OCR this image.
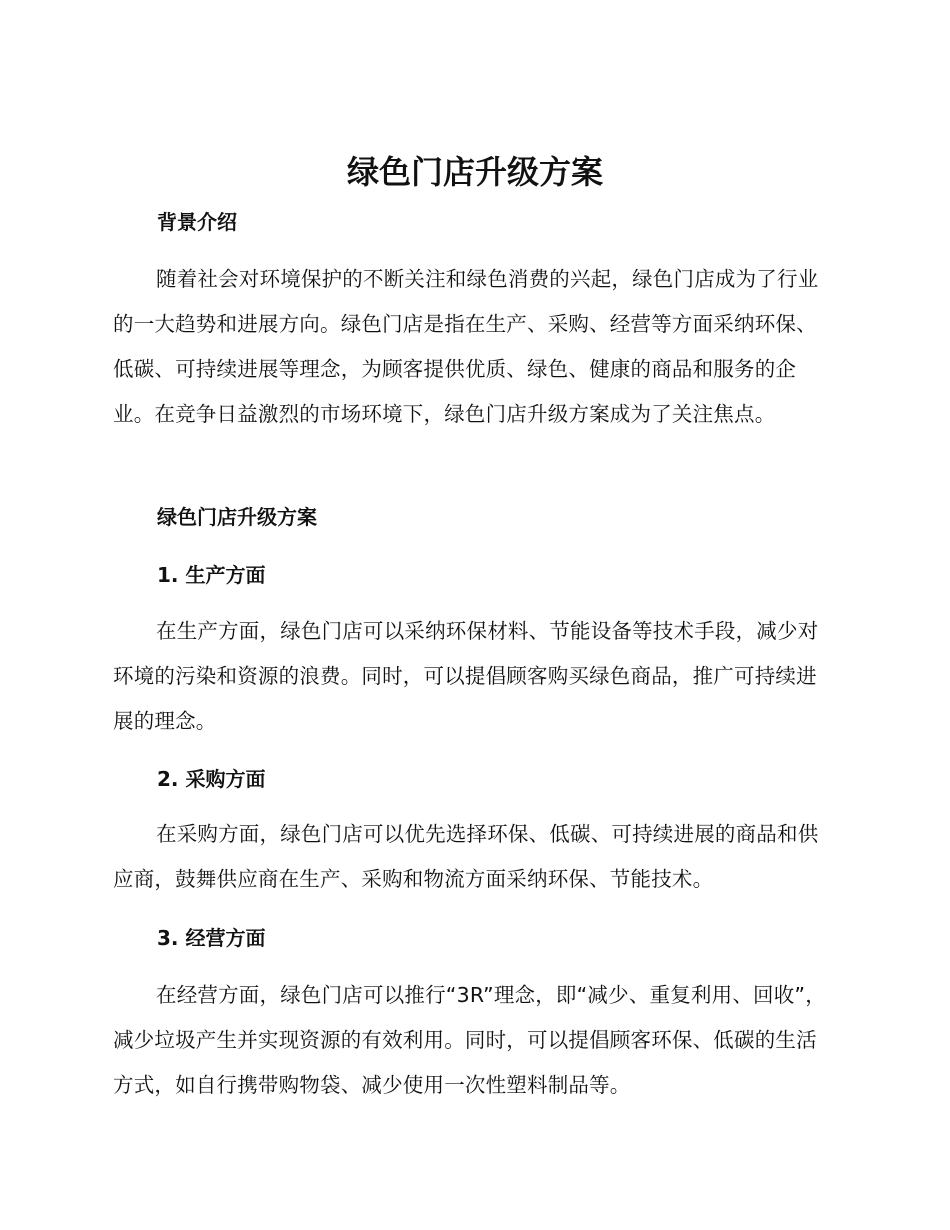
绿色门店升级方案
背景介绍
随着社会对环境保护的不断关注和绿色消费的兴起，绿色门店成为了行业的一大趋势和进展方向。绿色门店是指在生产、采购、经营等方面采纳环保、低碳、可持续进展等理念，为顾客提供优质、绿色、健康的商品和服务的企业。在竞争日益激烈的市场环境下，绿色门店升级方案成为了关注焦点。
绿色门店升级方案
1. 生产方面
在生产方面，绿色门店可以采纳环保材料、节能设备等技术手段，减少对环境的污染和资源的浪费。同时，可以提倡顾客购买绿色商品，推广可持续进展的理念。
2. 采购方面
在采购方面，绿色门店可以优先选择环保、低碳、可持续进展的商品和供应商，鼓舞供应商在生产、采购和物流方面采纳环保、节能技术。
3. 经营方面
在经营方面，绿色门店可以推行“3R”理念，即“减少、重复利用、回收”，减少垃圾产生并实现资源的有效利用。同时，可以提倡顾客环保、低碳的生活方式，如自行携带购物袋、减少使用一次性塑料制品等。
